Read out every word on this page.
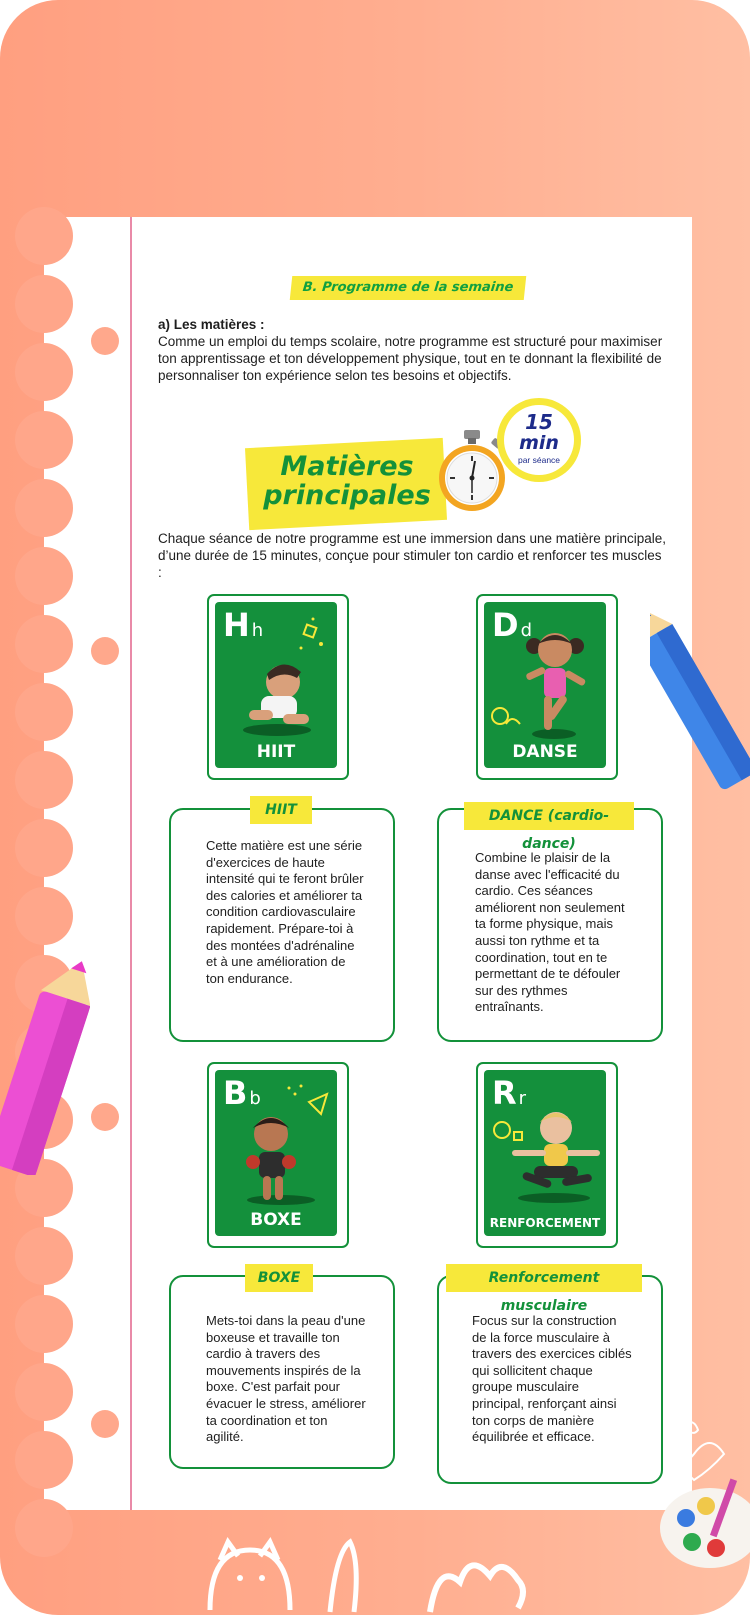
B. Programme de la semaine
a) Les matières :
Comme un emploi du temps scolaire, notre programme est structuré pour maximiser ton apprentissage et ton développement physique, tout en te donnant la flexibilité de personnaliser ton expérience selon tes besoins et objectifs.
Matières
principales
15
min
par séance
Chaque séance de notre programme est une immersion dans une matière principale, d’une durée de 15 minutes, conçue pour stimuler ton cardio et renforcer tes muscles :
Hh
HIIT
Dd
DANSE
HIIT
Cette matière est une série d'exercices de haute intensité qui te feront brûler des calories et améliorer ta condition cardiovasculaire rapidement. Prépare-toi à des montées d'adrénaline et à une amélioration de ton endurance.
DANCE (cardio-dance)
Combine le plaisir de la danse avec l'efficacité du cardio. Ces séances améliorent non seulement ta forme physique, mais aussi ton rythme et ta coordination, tout en te permettant de te défouler sur des rythmes entraînants.
Bb
BOXE
Rr
RENFORCEMENT
BOXE
Mets-toi dans la peau d'une boxeuse et travaille ton cardio à travers des mouvements inspirés de la boxe. C'est parfait pour évacuer le stress, améliorer ta coordination et ton agilité.
Renforcement musculaire
Focus sur la construction de la force musculaire à travers des exercices ciblés qui sollicitent chaque groupe musculaire principal, renforçant ainsi ton corps de manière équilibrée et efficace.
